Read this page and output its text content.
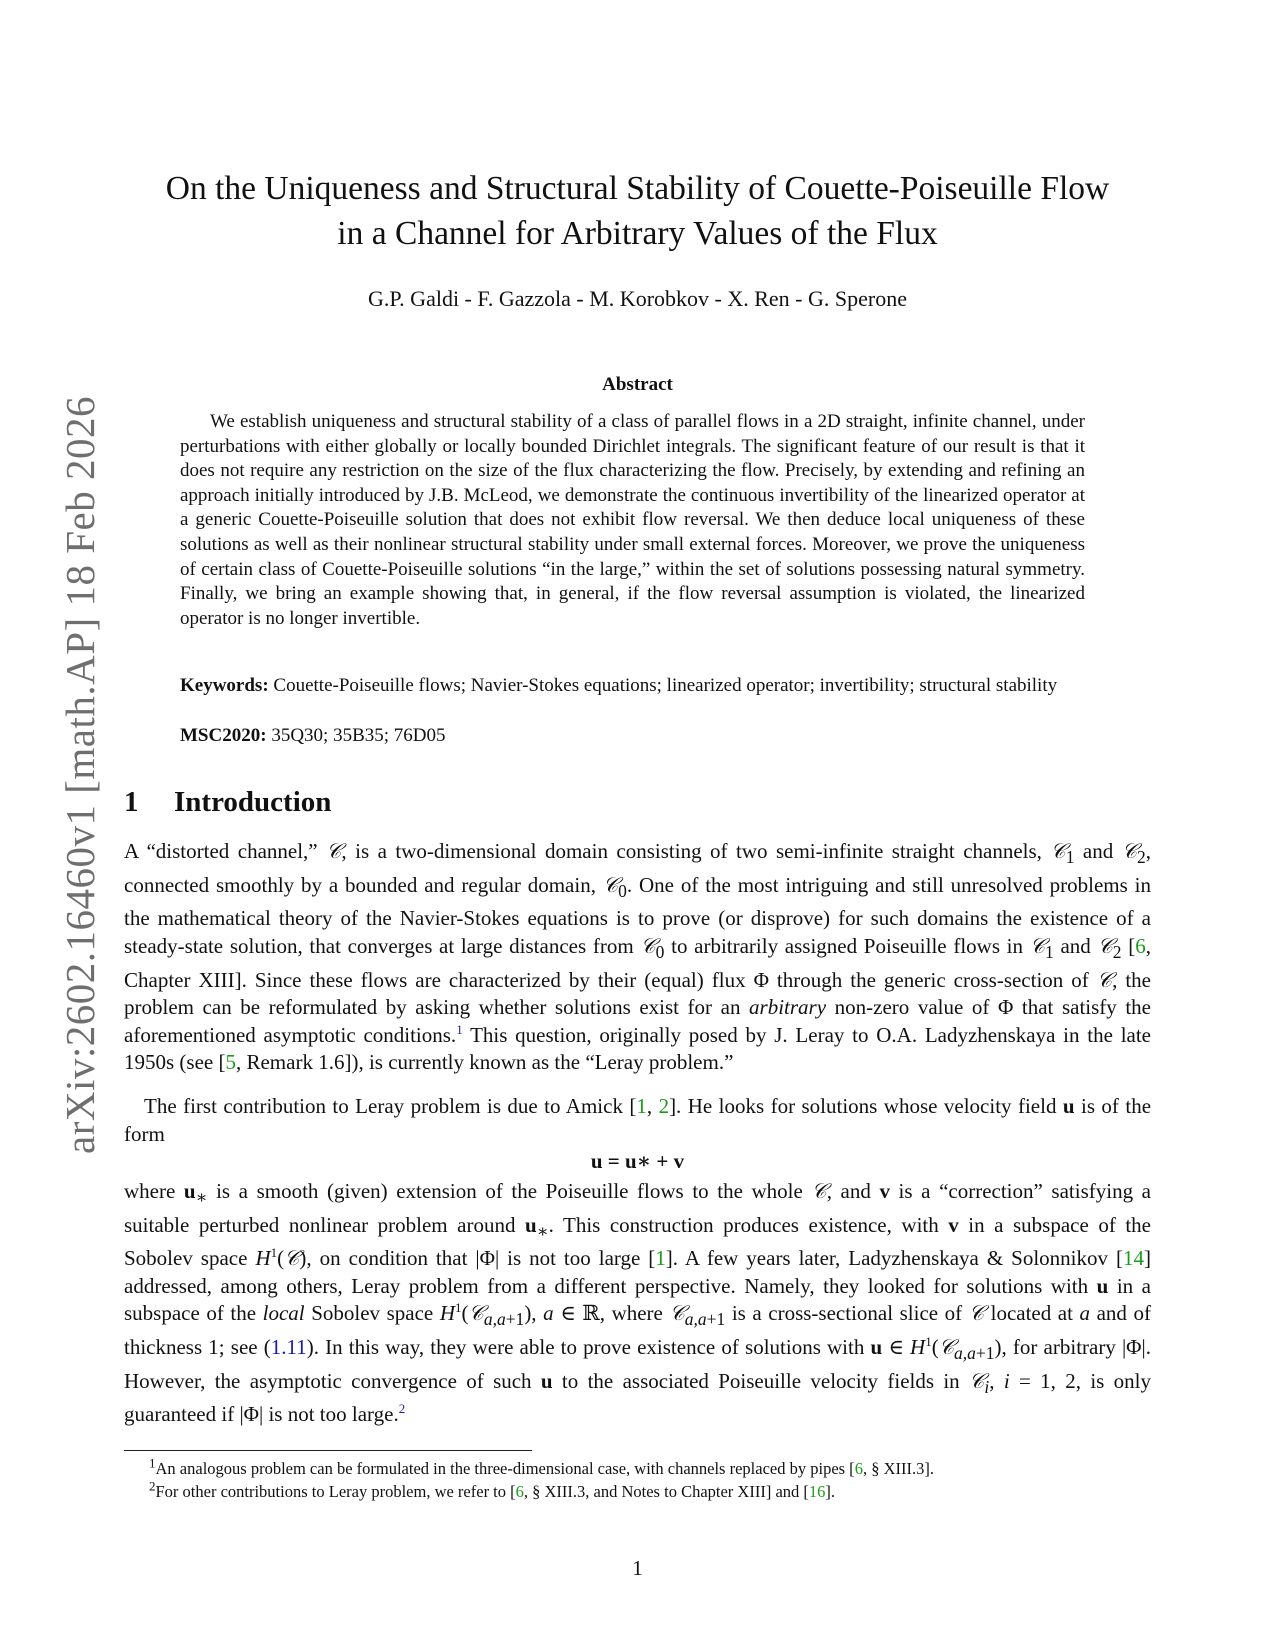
arXiv:2602.16460v1 [math.AP] 18 Feb 2026
On the Uniqueness and Structural Stability of Couette-Poiseuille Flow
in a Channel for Arbitrary Values of the Flux
G.P. Galdi - F. Gazzola - M. Korobkov - X. Ren - G. Sperone
Abstract

We establish uniqueness and structural stability of a class of parallel flows in a 2D straight, infinite channel, under perturbations with either globally or locally bounded Dirichlet integrals. The significant feature of our result is that it does not require any restriction on the size of the flux characterizing the flow. Precisely, by extending and refining an approach initially introduced by J.B. McLeod, we demonstrate the continuous invertibility of the linearized operator at a generic Couette-Poiseuille solution that does not exhibit flow reversal. We then deduce local uniqueness of these solutions as well as their nonlinear structural stability under small external forces. Moreover, we prove the uniqueness of certain class of Couette-Poiseuille solutions “in the large,” within the set of solutions possessing natural symmetry. Finally, we bring an example showing that, in general, if the flow reversal assumption is violated, the linearized operator is no longer invertible.

Keywords: Couette-Poiseuille flows; Navier-Stokes equations; linearized operator; invertibility; structural stability

MSC2020: 35Q30; 35B35; 76D05

1 Introduction

A “distorted channel,” 𝒞, is a two-dimensional domain consisting of two semi-infinite straight channels, 𝒞$_1$ and 𝒞$_2$, connected smoothly by a bounded and regular domain, 𝒞$_0$. One of the most intriguing and still unresolved problems in the mathematical theory of the Navier-Stokes equations is to prove (or disprove) for such domains the existence of a steady-state solution, that converges at large distances from 𝒞$_0$ to arbitrarily assigned Poiseuille flows in 𝒞$_1$ and 𝒞$_2$ [6, Chapter XIII]. Since these flows are characterized by their (equal) flux Φ through the generic cross-section of 𝒞, the problem can be reformulated by asking whether solutions exist for an arbitrary non-zero value of Φ that satisfy the aforementioned asymptotic conditions.$^1$ This question, originally posed by J. Leray to O.A. Ladyzhenskaya in the late 1950s (see [5, Remark 1.6]), is currently known as the “Leray problem.”

The first contribution to Leray problem is due to Amick [1, 2]. He looks for solutions whose velocity field u is of the form

u = u∗ + v

where $u_∗$ is a smooth (given) extension of the Poiseuille flows to the whole 𝒞, and v is a “correction” satisfying a suitable perturbed nonlinear problem around $u_∗$. This construction produces existence, with v in a subspace of the Sobolev space $H^1(𝒞)$, on condition that |Φ| is not too large [1]. A few years later, Ladyzhenskaya & Solonnikov [14] addressed, among others, Leray problem from a different perspective. Namely, they looked for solutions with u in a subspace of the local Sobolev space $H^1(𝒞_{a,a+1})$, a ∈ ℝ, where 𝒞$_{a,a+1}$ is a cross-sectional slice of 𝒞 located at a and of thickness 1; see (1.11). In this way, they were able to prove existence of solutions with u ∈ $H^1(𝒞_{a,a+1})$, for arbitrary |Φ|. However, the asymptotic convergence of such u to the associated Poiseuille velocity fields in 𝒞$_i$, i = 1, 2, is only guaranteed if |Φ| is not too large.$^2$

$^1$An analogous problem can be formulated in the three-dimensional case, with channels replaced by pipes [6, § XIII.3].

$^2$For other contributions to Leray problem, we refer to [6, § XIII.3, and Notes to Chapter XIII] and [16].

1
